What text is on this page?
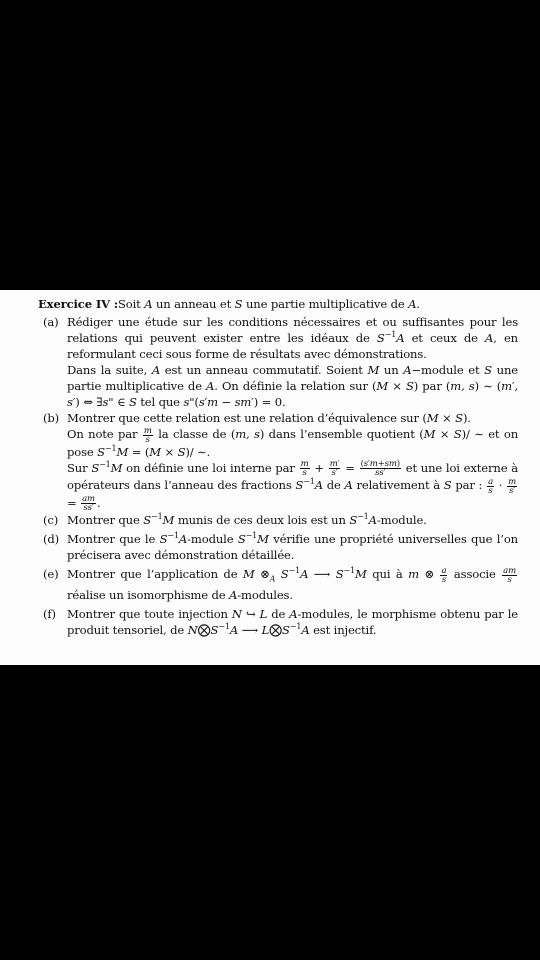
Exercice IV :Soit A un anneau et S une partie multiplicative de A.

(a) Rédiger une étude sur les conditions nécessaires et ou suffisantes pour les relations qui peuvent exister entre les idéaux de $S^{-1}A$ et ceux de A, en reformulant ceci sous forme de résultats avec démonstrations.

Dans la suite, A est un anneau commutatif. Soient M un A−module et S une partie multiplicative de A. On définie la relation sur (M × S) par (m, s) ∼ (m′, s′) ⇔ ∃s" ∈ S tel que s"(s′m − sm′) = 0.

(b) Montrer que cette relation est une relation d’équivalence sur (M × S).

On note par $\frac{m}{s}$ la classe de (m, s) dans l’ensemble quotient (M × S)/ ∼ et on pose $S^{-1}M = (M \times S)/$ ∼.

Sur $S^{-1}M$ on définie une loi interne par $\frac{m}{s} + \frac{m'}{s'} = \frac{(s'm+sm)}{ss'}$ et une loi externe à opérateurs dans l’anneau des fractions $S^{-1}A$ de A relativement à S par : $\frac{a}{s} \cdot \frac{m}{s'}$
= $\frac{am}{ss'}$ .

(c) Montrer que $S^{-1}M$ munis de ces deux lois est un $S^{-1}A$-module.

(d) Montrer que le $S^{-1}A$-module $S^{-1}M$ vérifie une propriété universelles que l’on précisera avec démonstration détaillée.

(e) Montrer que l’application de M $\otimes_A$ $S^{-1}A$ ⟶ $S^{-1}M$ qui à m ⊗ $\frac{a}{s}$ associe $\frac{am}{s}$
réalise un isomorphisme de A-modules.

(f) Montrer que toute injection N ↪ L de A-modules, le morphisme obtenu par le produit tensoriel, de $N⨂S^{-1}A$ ⟶ $L⨂S^{-1}A$ est injectif.
